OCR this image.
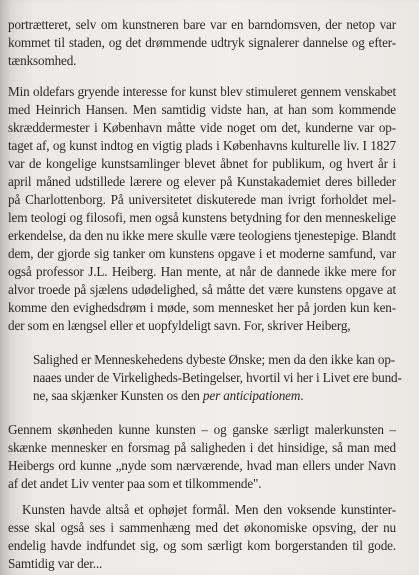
portrætteret, selv om kunstneren bare var en barndomsven, der netop var
kommet til staden, og det drømmende udtryk signalerer dannelse og efter-
tænksomhed.
Min oldefars gryende interesse for kunst blev stimuleret gennem venskabet
med Heinrich Hansen. Men samtidig vidste han, at han som kommende
skræddermester i København måtte vide noget om det, kunderne var op-
taget af, og kunst indtog en vigtig plads i Københavns kulturelle liv. I 1827
var de kongelige kunstsamlinger blevet åbnet for publikum, og hvert år i
april måned udstillede lærere og elever på Kunstakademiet deres billeder
på Charlottenborg. På universitetet diskuterede man ivrigt forholdet mel-
lem teologi og filosofi, men også kunstens betydning for den menneskelige
erkendelse, da den nu ikke mere skulle være teologiens tjenestepige. Blandt
dem, der gjorde sig tanker om kunstens opgave i et moderne samfund, var
også professor J.L. Heiberg. Han mente, at når de dannede ikke mere for
alvor troede på sjælens udødelighed, så måtte det være kunstens opgave at
komme den evighedsdrøm i møde, som mennesket her på jorden kun ken-
der som en længsel eller et uopfyldeligt savn. For, skriver Heiberg,
Salighed er Menneskehedens dybeste Ønske; men da den ikke kan op-
naaes under de Virkeligheds-Betingelser, hvortil vi her i Livet ere bund-
ne, saa skjænker Kunsten os den per anticipationem.
Gennem skønheden kunne kunsten – og ganske særligt malerkunsten –
skænke mennesker en forsmag på saligheden i det hinsidige, så man med
Heibergs ord kunne „nyde som nærværende, hvad man ellers under Navn
af det andet Liv venter paa som et tilkommende".
Kunsten havde altså et ophøjet formål. Men den voksende kunstinter-
esse skal også ses i sammenhæng med det økonomiske opsving, der nu
endelig havde indfundet sig, og som særligt kom borgerstanden til gode.
Samtidig var der...
